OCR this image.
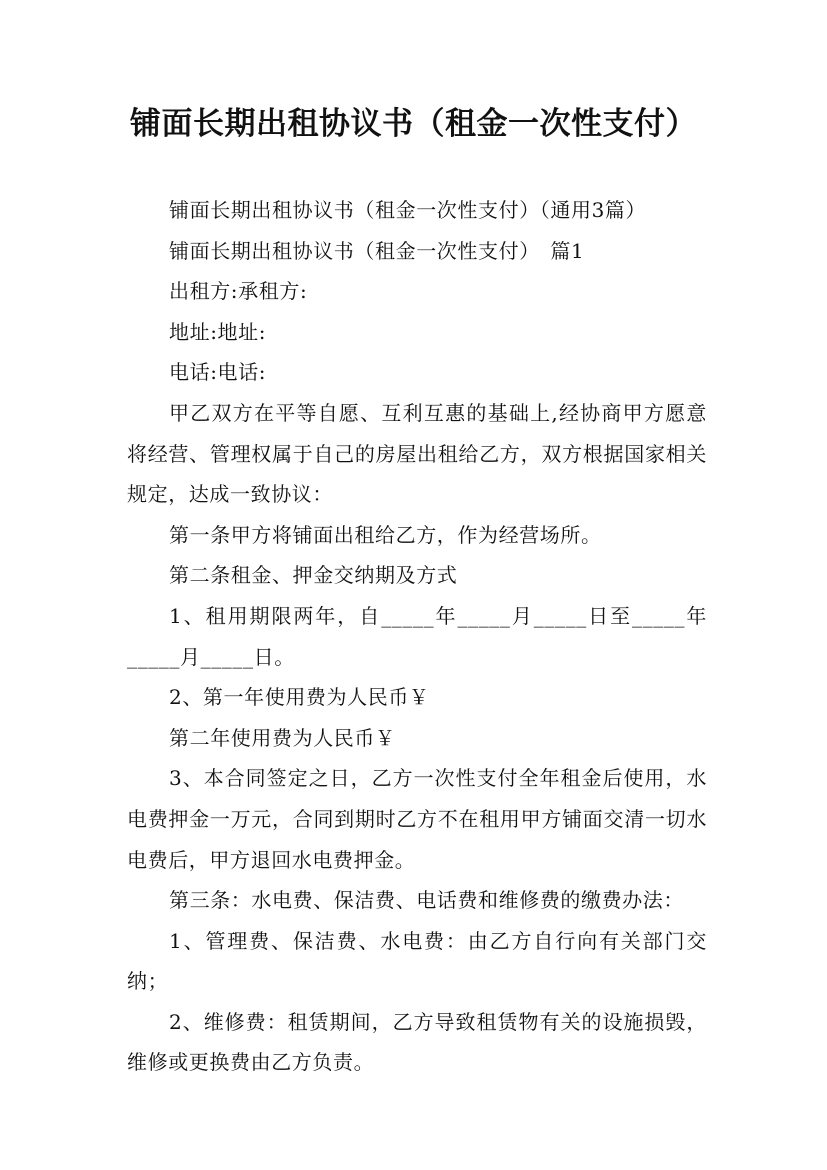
铺面长期出租协议书（租金一次性支付）

铺面长期出租协议书（租金一次性支付）（通用3篇）

铺面长期出租协议书（租金一次性支付）　篇1

出租方:承租方:

地址:地址:

电话:电话:

甲乙双方在平等自愿、互利互惠的基础上,经协商甲方愿意将经营、管理权属于自己的房屋出租给乙方，双方根据国家相关规定，达成一致协议：

第一条甲方将铺面出租给乙方，作为经营场所。

第二条租金、押金交纳期及方式

1、租用期限两年，自_____年_____月_____日至_____年_____月_____日。

2、第一年使用费为人民币￥

第二年使用费为人民币￥

3、本合同签定之日，乙方一次性支付全年租金后使用，水电费押金一万元，合同到期时乙方不在租用甲方铺面交清一切水电费后，甲方退回水电费押金。

第三条：水电费、保洁费、电话费和维修费的缴费办法：

1、管理费、保洁费、水电费：由乙方自行向有关部门交纳；

2、维修费：租赁期间，乙方导致租赁物有关的设施损毁，维修或更换费由乙方负责。
